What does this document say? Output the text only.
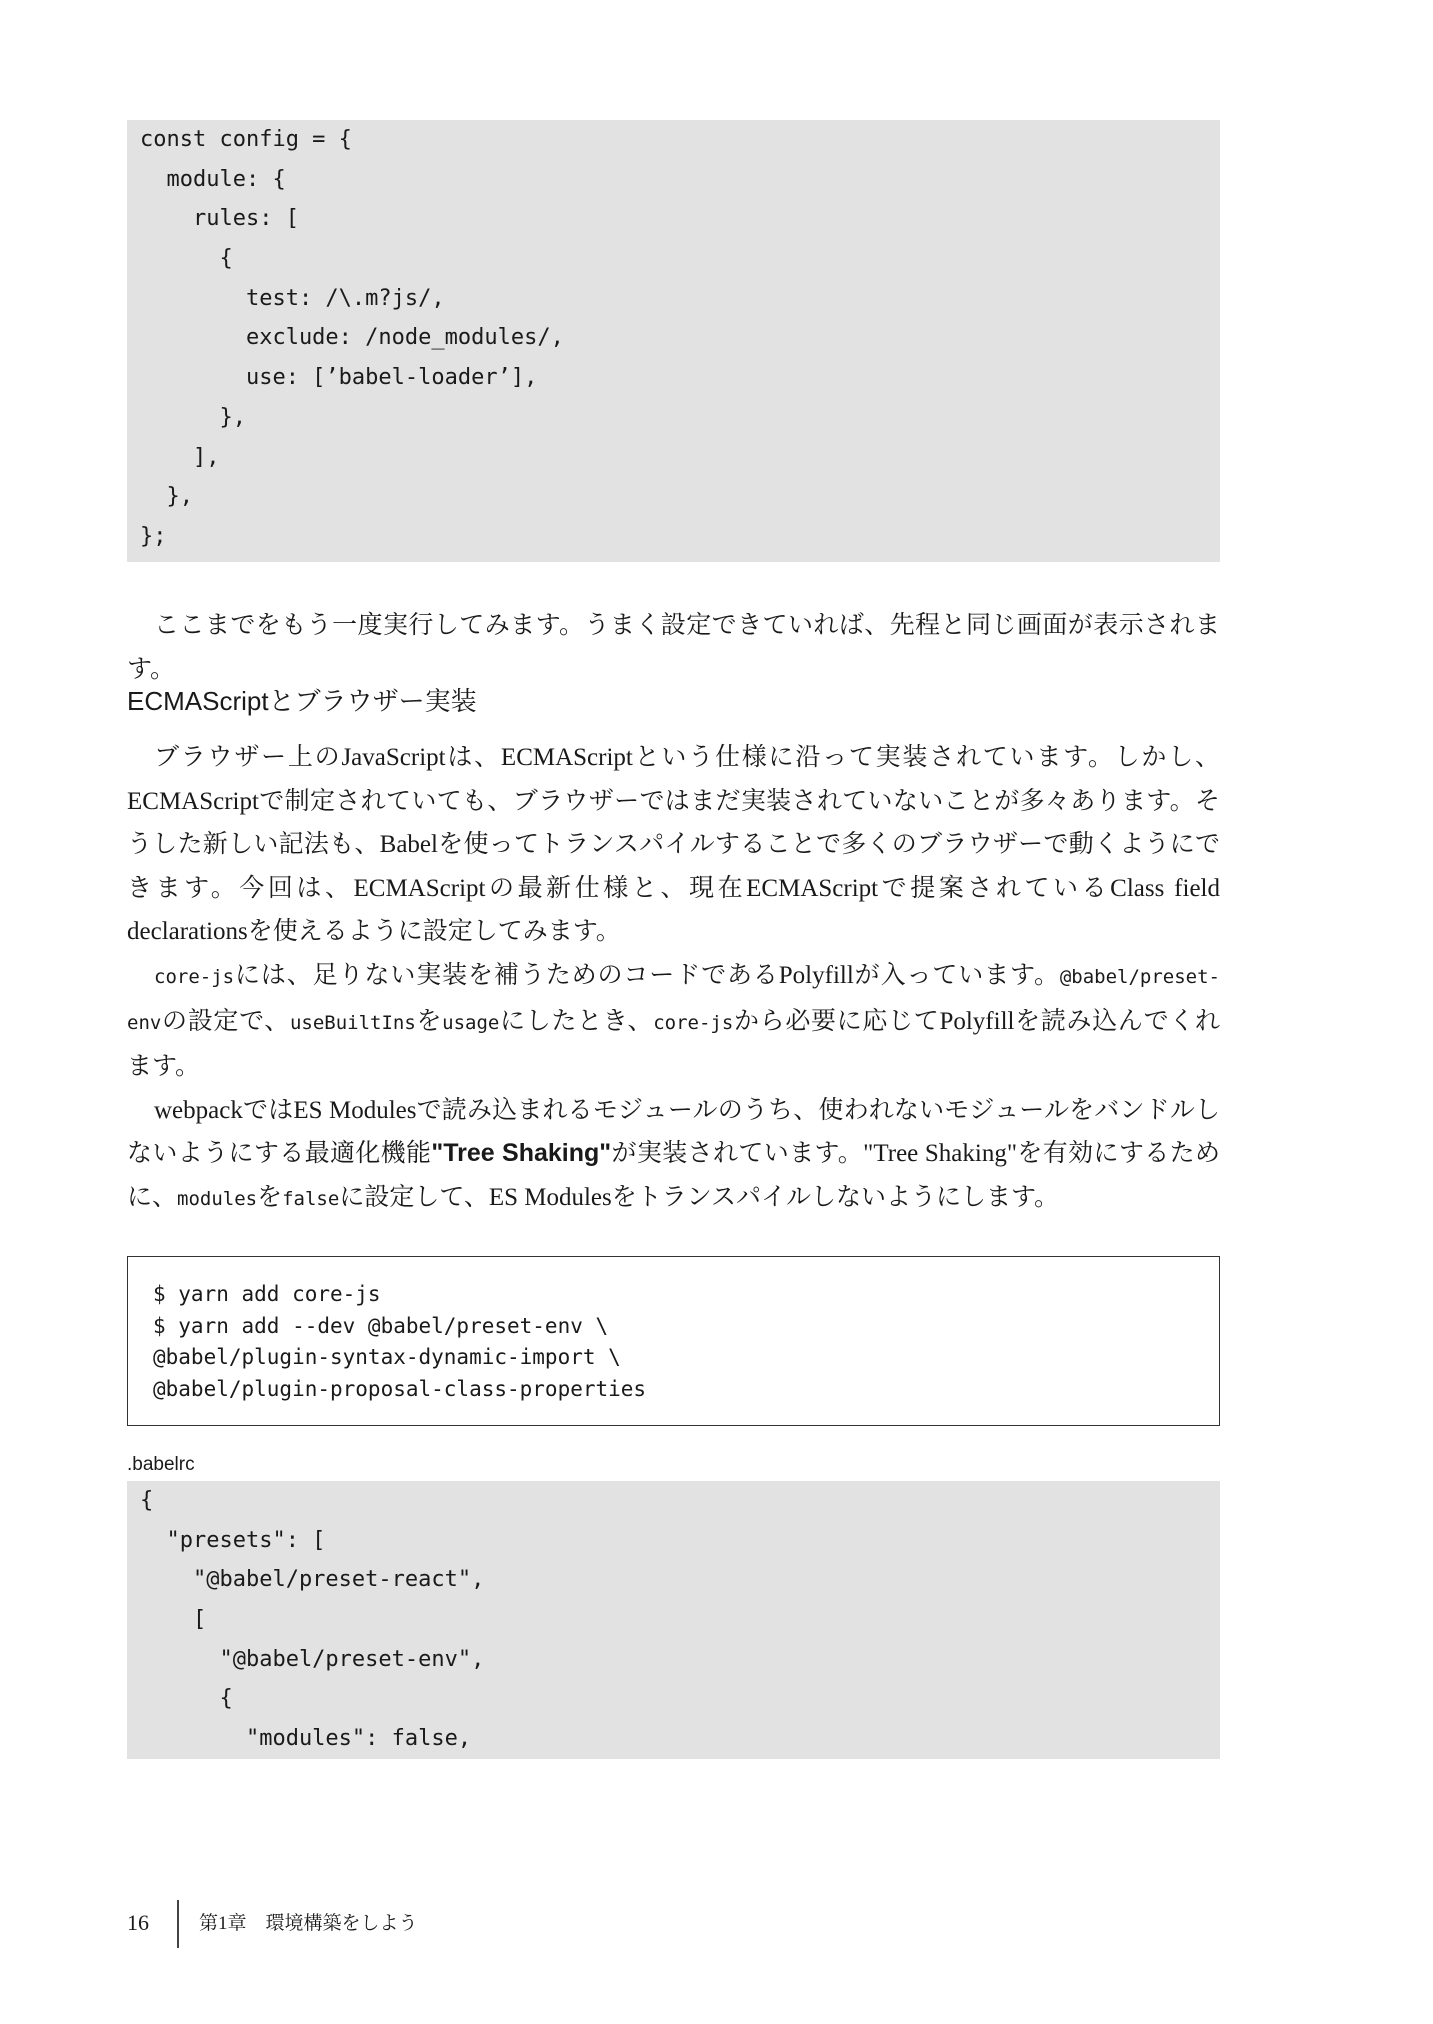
const config = {
module: {
rules: [
{
test: /\.m?js/,
exclude: /node_modules/,
use: [’babel-loader’],
},
],
},
};
ここまでをもう一度実行してみます。うまく設定できていれば、先程と同じ画面が表示されます。
ECMAScriptとブラウザー実装
ブラウザー上のJavaScriptは、ECMAScriptという仕様に沿って実装されています。しかし、ECMAScriptで制定されていても、ブラウザーではまだ実装されていないことが多々あります。そうした新しい記法も、Babelを使ってトランスパイルすることで多くのブラウザーで動くようにできます。今回は、ECMAScriptの最新仕様と、現在ECMAScriptで提案されているClass field declarationsを使えるように設定してみます。
core-jsには、足りない実装を補うためのコードであるPolyfillが入っています。@babel/preset-envの設定で、useBuiltInsをusageにしたとき、core-jsから必要に応じてPolyfillを読み込んでくれます。
webpackではES Modulesで読み込まれるモジュールのうち、使われないモジュールをバンドルしないようにする最適化機能"Tree Shaking"が実装されています。"Tree Shaking"を有効にするために、modulesをfalseに設定して、ES Modulesをトランスパイルしないようにします。
$ yarn add core-js
$ yarn add --dev @babel/preset-env \
@babel/plugin-syntax-dynamic-import \
@babel/plugin-proposal-class-properties
.babelrc
{
"presets": [
"@babel/preset-react",
[
"@babel/preset-env",
{
"modules": false,
16	第1章　環境構築をしよう
